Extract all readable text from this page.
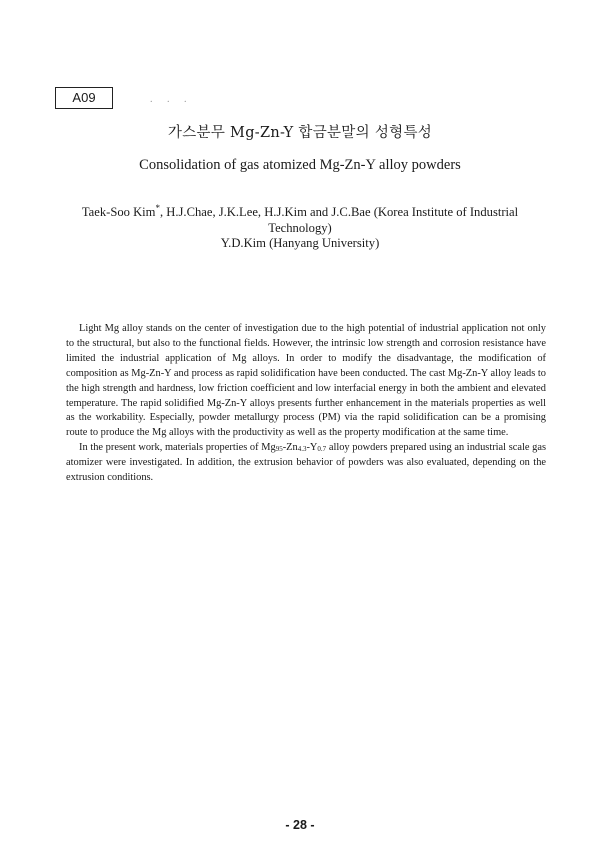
A09	. . .
가스분무 Mg-Zn-Y 합금분말의 성형특성
Consolidation of gas atomized Mg-Zn-Y alloy powders
Taek-Soo Kim*, H.J.Chae, J.K.Lee, H.J.Kim and J.C.Bae (Korea Institute of Industrial
Technology)
Y.D.Kim (Hanyang University)

Light Mg alloy stands on the center of investigation due to the high potential of industrial application not only to the structural, but also to the functional fields. However, the intrinsic low strength and corrosion resistance have limited the industrial application of Mg alloys. In order to modify the disadvantage, the modification of composition as Mg-Zn-Y and process as rapid solidification have been conducted. The cast Mg-Zn-Y alloy leads to the high strength and hardness, low friction coefficient and low interfacial energy in both the ambient and elevated temperature. The rapid solidified Mg-Zn-Y alloys presents further enhancement in the materials properties as well as the workability. Especially, powder metallurgy process (PM) via the rapid solidification can be a promising route to produce the Mg alloys with the productivity as well as the property modification at the same time.

In the present work, materials properties of $Mg_{95}-Zn_{4.3}-Y_{0.7}$ alloy powders prepared using an industrial scale gas atomizer were investigated. In addition, the extrusion behavior of powders was also evaluated, depending on the extrusion conditions.

- 28 -
